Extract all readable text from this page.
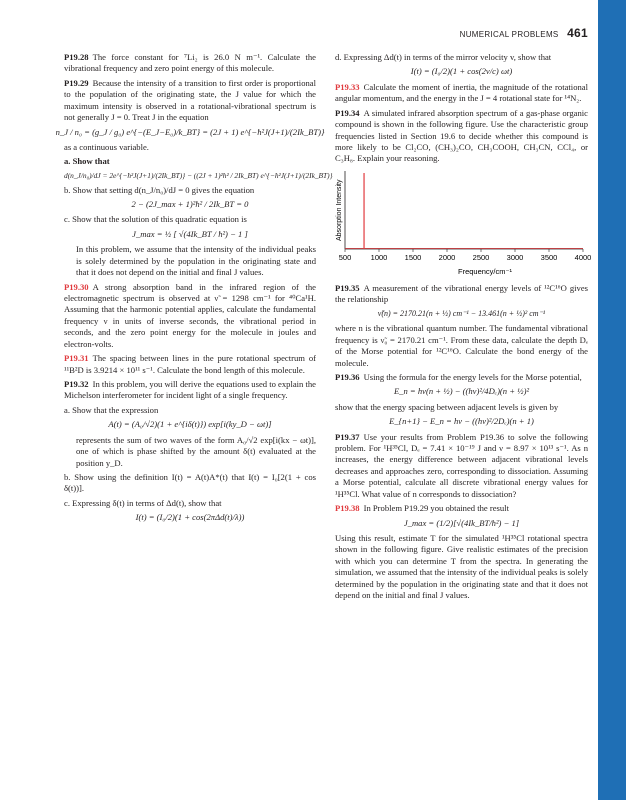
NUMERICAL PROBLEMS 461

P19.28 The force constant for ⁷Li₂ is 26.0 N m⁻¹. Calculate the vibrational frequency and zero point energy of this molecule.

P19.29 Because the intensity of a transition to first order is proportional to the population of the originating state, the J value for which the maximum intensity is observed in a rotational-vibrational spectrum is not generally J = 0. Treat J in the equation

n_J / n₀ = (g_J / g₀) e^{−(E_J−E₀)/k_BT} = (2J + 1) e^{−ħ²J(J+1)/(2Ik_BT)}

as a continuous variable.

a. Show that

d(n_J/n₀)/dJ = 2e^{−ħ²J(J+1)/(2Ik_BT)} − ((2J + 1)²ħ² / 2Ik_BT) e^{−ħ²J(J+1)/(2Ik_BT)}

b. Show that setting d(n_J/n₀)/dJ = 0 gives the equation

2 − (2J_max + 1)²ħ² / 2Ik_BT = 0

c. Show that the solution of this quadratic equation is

J_max = ½ [ √(4Ik_BT / ħ²) − 1 ]

In this problem, we assume that the intensity of the individual peaks is solely determined by the population in the originating state and that it does not depend on the initial and final J values.

P19.30 A strong absorption band in the infrared region of the electromagnetic spectrum is observed at ν̃ = 1298 cm⁻¹ for ⁴⁰Ca¹H. Assuming that the harmonic potential applies, calculate the fundamental frequency ν in units of inverse seconds, the vibrational period in seconds, and the zero point energy for the molecule in joules and electron-volts.

P19.31 The spacing between lines in the pure rotational spectrum of ¹¹B²D is 3.9214 × 10¹¹ s⁻¹. Calculate the bond length of this molecule.

P19.32 In this problem, you will derive the equations used to explain the Michelson interferometer for incident light of a single frequency.

a. Show that the expression

A(t) = (A₀/√2)(1 + e^{iδ(t)}) exp[i(ky_D − ωt)]

represents the sum of two waves of the form A₀/√2 exp[i(kx − ωt)], one of which is phase shifted by the amount δ(t) evaluated at the position y_D.

b. Show using the definition I(t) = A(t)A*(t) that I(t) = I₀[2(1 + cos δ(t))].

c. Expressing δ(t) in terms of Δd(t), show that

I(t) = (I₀/2)(1 + cos(2πΔd(t)/λ))

d. Expressing Δd(t) in terms of the mirror velocity v, show that

I(t) = (I₀/2)(1 + cos(2v/c) ωt)

P19.33 Calculate the moment of inertia, the magnitude of the rotational angular momentum, and the energy in the J = 4 rotational state for ¹⁴N₂.

P19.34 A simulated infrared absorption spectrum of a gas-phase organic compound is shown in the following figure. Use the characteristic group frequencies listed in Section 19.6 to decide whether this compound is more likely to be Cl₂CO, (CH₃)₂CO, CH₃COOH, CH₃CN, CCl₄, or C₃H₈. Explain your reasoning.

Absorption Intensity
Frequency/cm⁻¹
500	1000 1500 2000 2500 3000 3500 4000

P19.35 A measurement of the vibrational energy levels of ¹²C¹⁶O gives the relationship

ν̃(n) = 2170.21(n + ½) cm⁻¹ − 13.461(n + ½)² cm⁻¹

where n is the vibrational quantum number. The fundamental vibrational frequency is ν̃₀ = 2170.21 cm⁻¹. From these data, calculate the depth Dₑ of the Morse potential for ¹²C¹⁶O. Calculate the bond energy of the molecule.

P19.36 Using the formula for the energy levels for the Morse potential,

E_n = hν(n + ½) − ((hν)²/4Dₑ)(n + ½)²

show that the energy spacing between adjacent levels is given by

E_{n+1} − E_n = hν − ((hν)²/2Dₑ)(n + 1)

P19.37 Use your results from Problem P19.36 to solve the following problem. For ¹H³⁵Cl, Dₑ = 7.41 × 10⁻¹⁹ J and ν = 8.97 × 10¹³ s⁻¹. As n increases, the energy difference between adjacent vibrational levels decreases and approaches zero, corresponding to dissociation. Assuming a Morse potential, calculate all discrete vibrational energy values for ¹H³⁵Cl. What value of n corresponds to dissociation?

P19.38 In Problem P19.29 you obtained the result

J_max = (1/2)[√(4Ik_BT/ħ²) − 1]

Using this result, estimate T for the simulated ¹H³⁵Cl rotational spectra shown in the following figure. Give realistic estimates of the precision with which you can determine T from the spectra. In generating the simulation, we assumed that the intensity of the individual peaks is solely determined by the population in the originating state and that it does not depend on the initial and final J values.
